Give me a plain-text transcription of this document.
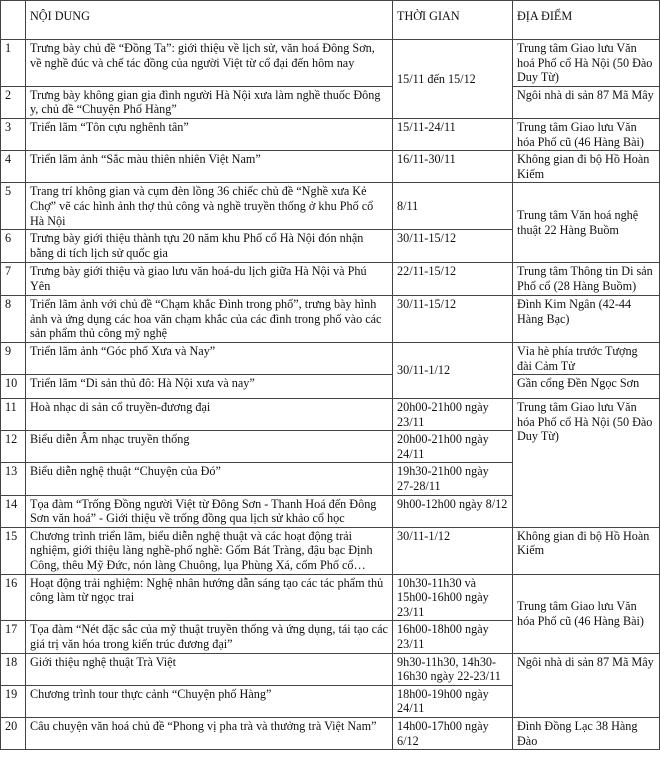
	NỘI DUNG	THỜI GIAN	ĐỊA ĐIỂM
1	Trưng bày chủ đề “Đồng Ta”: giới thiệu về lịch sử, văn hoá Đông Sơn, về nghề đúc và chế tác đồng của người Việt từ cổ đại đến hôm nay	15/11 đến 15/12	Trung tâm Giao lưu Văn hoá Phố cổ Hà Nội (50 Đào Duy Từ)
2	Trưng bày không gian gia đình người Hà Nội xưa làm nghề thuốc Đông y, chủ đề “Chuyện Phố Hàng”		Ngôi nhà di sản 87 Mã Mây
3	Triển lãm “Tôn cựu nghênh tân”	15/11-24/11	Trung tâm Giao lưu Văn hóa Phố cũ (46 Hàng Bài)
4	Triển lãm ảnh “Sắc màu thiên nhiên Việt Nam”	16/11-30/11	Không gian đi bộ Hồ Hoàn Kiếm
5	Trang trí không gian và cụm đèn lồng 36 chiếc chủ đề “Nghề xưa Kẻ Chợ” vẽ các hình ảnh thợ thủ công và nghề truyền thống ở khu Phố cổ Hà Nội	8/11	Trung tâm Văn hoá nghệ thuật 22 Hàng Buồm
6	Trưng bày giới thiệu thành tựu 20 năm khu Phố cổ Hà Nội đón nhận bằng di tích lịch sử quốc gia	30/11-15/12	
7	Trưng bày giới thiệu và giao lưu văn hoá-du lịch giữa Hà Nội và Phú Yên	22/11-15/12	Trung tâm Thông tin Di sản Phố cổ (28 Hàng Buồm)
8	Triển lãm ảnh với chủ đề “Chạm khắc Đình trong phố”, trưng bày hình ảnh và ứng dụng các hoa văn chạm khắc của các đình trong phố vào các sản phẩm thủ công mỹ nghệ	30/11-15/12	Đình Kim Ngân (42-44 Hàng Bạc)
9	Triển lãm ảnh “Góc phố Xưa và Nay”	30/11-1/12	Vỉa hè phía trước Tượng đài Cảm Tử
10	Triển lãm “Di sản thủ đô: Hà Nội xưa và nay”		Gần cổng Đền Ngọc Sơn
11	Hoà nhạc di sản cổ truyền-đương đại	20h00-21h00 ngày 23/11	Trung tâm Giao lưu Văn hóa Phố cổ Hà Nội (50 Đào Duy Từ)
12	Biểu diễn Âm nhạc truyền thống	20h00-21h00 ngày 24/11	
13	Biểu diễn nghệ thuật “Chuyện của Đó”	19h30-21h00 ngày 27-28/11	
14	Tọa đàm “Trống Đồng người Việt từ Đông Sơn - Thanh Hoá đến Đông Sơn văn hoá” - Giới thiệu về trống đồng qua lịch sử khảo cổ học	9h00-12h00 ngày 8/12	
15	Chương trình triển lãm, biểu diễn nghệ thuật và các hoạt động trải nghiệm, giới thiệu làng nghề-phố nghề: Gốm Bát Tràng, đậu bạc Định Công, thêu Mỹ Đức, nón làng Chuông, lụa Phùng Xá, cốm Phố cổ…	30/11-1/12	Không gian đi bộ Hồ Hoàn Kiếm
16	Hoạt động trải nghiệm: Nghệ nhân hướng dẫn sáng tạo các tác phẩm thủ công làm từ ngọc trai	10h30-11h30 và 15h00-16h00 ngày 23/11	Trung tâm Giao lưu Văn hóa Phố cũ (46 Hàng Bài)
17	Tọa đàm “Nét đặc sắc của mỹ thuật truyền thống và ứng dụng, tái tạo các giá trị văn hóa trong kiến trúc đương đại”	16h00-18h00 ngày 23/11	
18	Giới thiệu nghệ thuật Trà Việt	9h30-11h30, 14h30-16h30 ngày 22-23/11	Ngôi nhà di sản 87 Mã Mây
19	Chương trình tour thực cảnh “Chuyện phố Hàng”	18h00-19h00 ngày 24/11	
20	Câu chuyện văn hoá chủ đề “Phong vị pha trà và thưởng trà Việt Nam”	14h00-17h00 ngày 6/12	Đình Đồng Lạc 38 Hàng Đào
